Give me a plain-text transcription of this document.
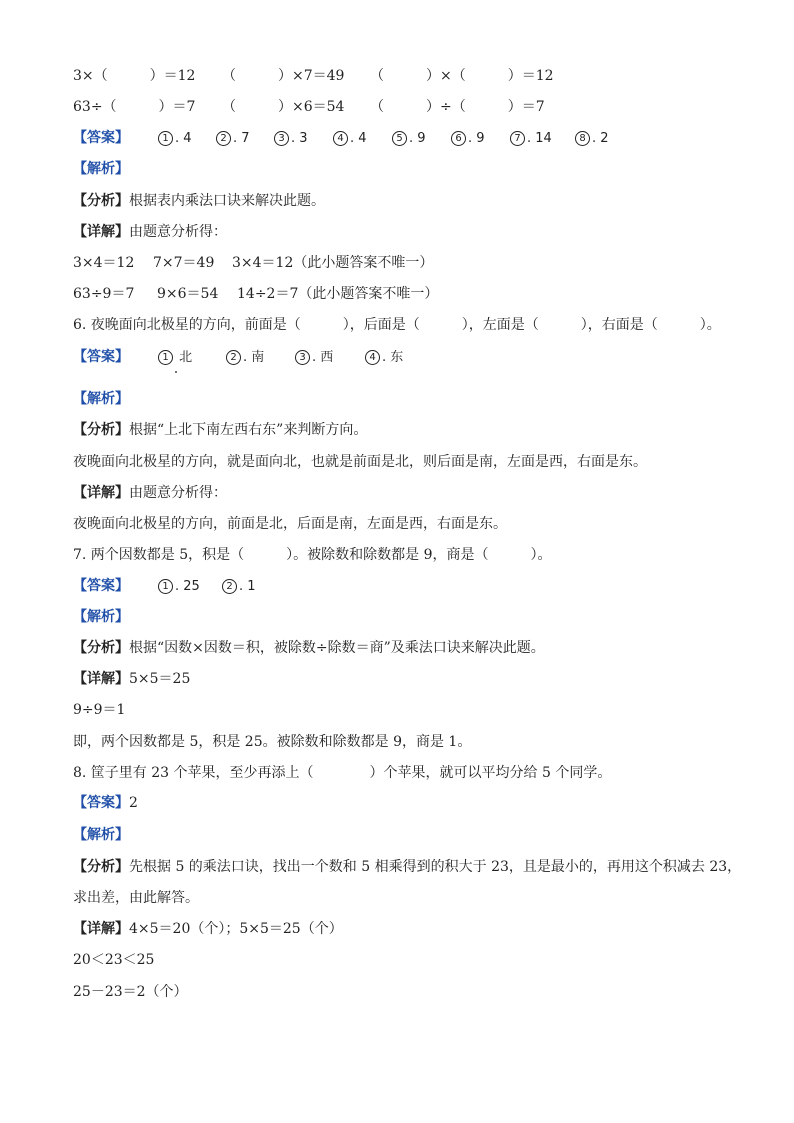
3×（　　　）＝12 （　　　）×7＝49 （　　　）×（　　　）＝12
63÷（　　　）＝7 （　　　）×6＝54 （　　　）÷（　　　）＝7
【答案】	1 . 4	2 . 7	3 . 3	4 . 4	5 . 9	6 . 9	7 . 14	8 . 2
【解析】
【分析】根据表内乘法口诀来解决此题。
【详解】由题意分析得：
3×4＝12 7×7＝49 3×4＝12（此小题答案不唯一）
63÷9＝7 9×6＝54 14÷2＝7（此小题答案不唯一）
6. 夜晚面向北极星的方向，前面是（　　　），后面是（　　　），左面是（　　　），右面是（　　　）。
【答案】	1 北	2 . 南	3 . 西	4 . 东
【解析】
【分析】根据“上北下南左西右东”来判断方向。
夜晚面向北极星的方向，就是面向北，也就是前面是北，则后面是南，左面是西，右面是东。
【详解】由题意分析得：
夜晚面向北极星的方向，前面是北，后面是南，左面是西，右面是东。
7. 两个因数都是 5，积是（　　　）。被除数和除数都是 9，商是（　　　）。
【答案】	1 . 25	2 . 1
【解析】
【分析】根据“因数×因数＝积，被除数÷除数＝商”及乘法口诀来解决此题。
【详解】5×5＝25
9÷9＝1
即，两个因数都是 5，积是 25。被除数和除数都是 9，商是 1。
8. 筐子里有 23 个苹果，至少再添上（　　　　）个苹果，就可以平均分给 5 个同学。
【答案】2
【解析】
【分析】先根据 5 的乘法口诀，找出一个数和 5 相乘得到的积大于 23，且是最小的，再用这个积减去 23，
求出差，由此解答。
【详解】4×5＝20（个）；5×5＝25（个）
20＜23＜25
25－23＝2（个）
